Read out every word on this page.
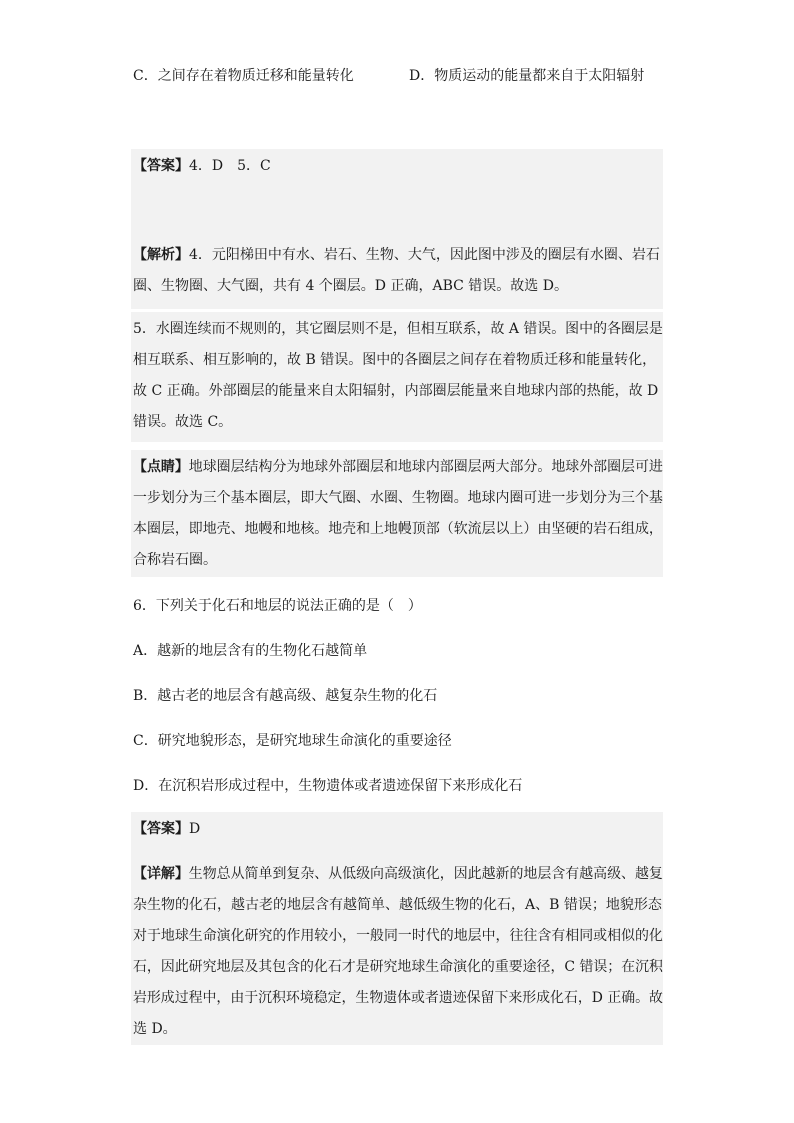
C．之间存在着物质迁移和能量转化	D．物质运动的能量都来自于太阳辐射
【答案】4．D　5．C
【解析】4．元阳梯田中有水、岩石、生物、大气，因此图中涉及的圈层有水圈、岩石
圈、生物圈、大气圈，共有 4 个圈层。D 正确，ABC 错误。故选 D。
5．水圈连续而不规则的，其它圈层则不是，但相互联系，故 A 错误。图中的各圈层是
相互联系、相互影响的，故 B 错误。图中的各圈层之间存在着物质迁移和能量转化，
故 C 正确。外部圈层的能量来自太阳辐射，内部圈层能量来自地球内部的热能，故 D
错误。故选 C。
【点睛】地球圈层结构分为地球外部圈层和地球内部圈层两大部分。地球外部圈层可进
一步划分为三个基本圈层，即大气圈、水圈、生物圈。地球内圈可进一步划分为三个基
本圈层，即地壳、地幔和地核。地壳和上地幔顶部（软流层以上）由坚硬的岩石组成，
合称岩石圈。
6．下列关于化石和地层的说法正确的是（　）
A．越新的地层含有的生物化石越简单
B．越古老的地层含有越高级、越复杂生物的化石
C．研究地貌形态，是研究地球生命演化的重要途径
D．在沉积岩形成过程中，生物遗体或者遗迹保留下来形成化石
【答案】D
【详解】生物总从简单到复杂、从低级向高级演化，因此越新的地层含有越高级、越复
杂生物的化石，越古老的地层含有越简单、越低级生物的化石，A、B 错误；地貌形态
对于地球生命演化研究的作用较小，一般同一时代的地层中，往往含有相同或相似的化
石，因此研究地层及其包含的化石才是研究地球生命演化的重要途径，C 错误；在沉积
岩形成过程中，由于沉积环境稳定，生物遗体或者遗迹保留下来形成化石，D 正确。故
选 D。
